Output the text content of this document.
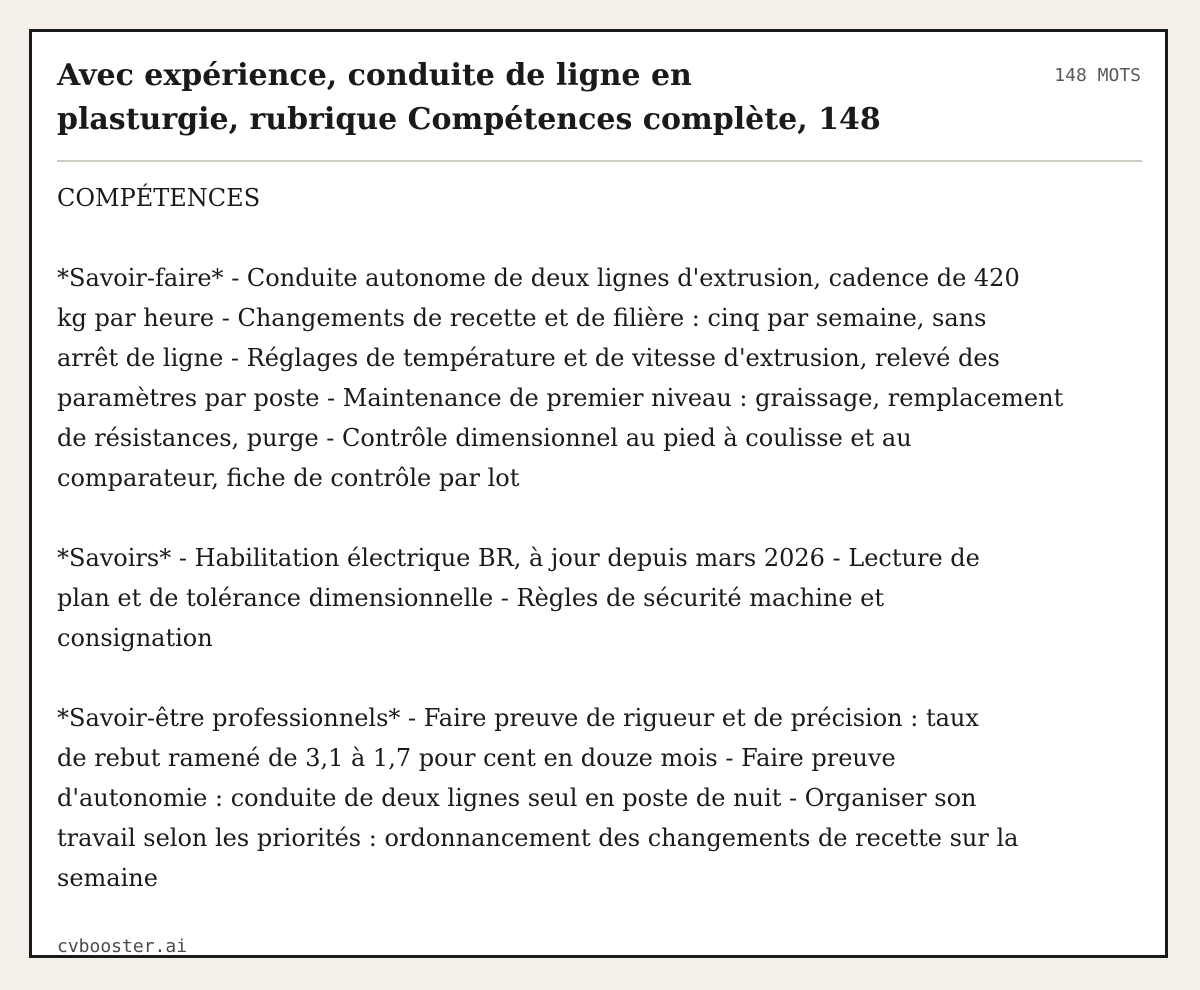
Avec expérience, conduite de ligne en
plasturgie, rubrique Compétences complète, 148
148 MOTS
COMPÉTENCES
*Savoir-faire* - Conduite autonome de deux lignes d'extrusion, cadence de 420
kg par heure - Changements de recette et de filière : cinq par semaine, sans
arrêt de ligne - Réglages de température et de vitesse d'extrusion, relevé des
paramètres par poste - Maintenance de premier niveau : graissage, remplacement
de résistances, purge - Contrôle dimensionnel au pied à coulisse et au
comparateur, fiche de contrôle par lot
*Savoirs* - Habilitation électrique BR, à jour depuis mars 2026 - Lecture de
plan et de tolérance dimensionnelle - Règles de sécurité machine et
consignation
*Savoir-être professionnels* - Faire preuve de rigueur et de précision : taux
de rebut ramené de 3,1 à 1,7 pour cent en douze mois - Faire preuve
d'autonomie : conduite de deux lignes seul en poste de nuit - Organiser son
travail selon les priorités : ordonnancement des changements de recette sur la
semaine
cvbooster.ai
